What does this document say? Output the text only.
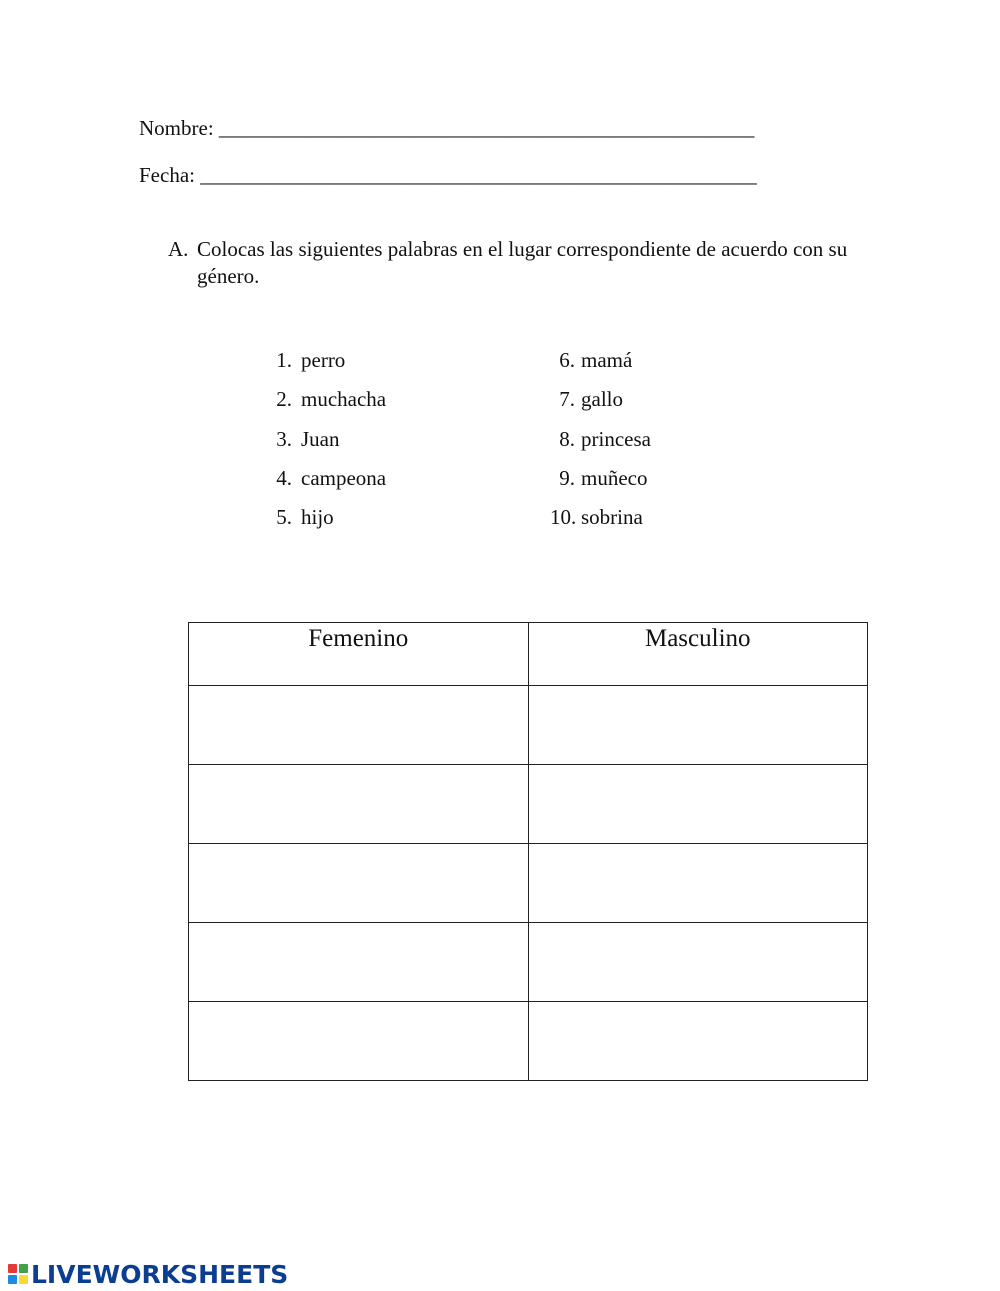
Nombre: ___________________________________________________
Fecha: _____________________________________________________
A. Colocas las siguientes palabras en el lugar correspondiente de acuerdo con su género.
1. perro
2. muchacha
3. Juan
4. campeona
5. hijo
6. mamá
7. gallo
8. princesa
9. muñeco
10. sobrina
Femenino	Masculino

LIVEWORKSHEETS
